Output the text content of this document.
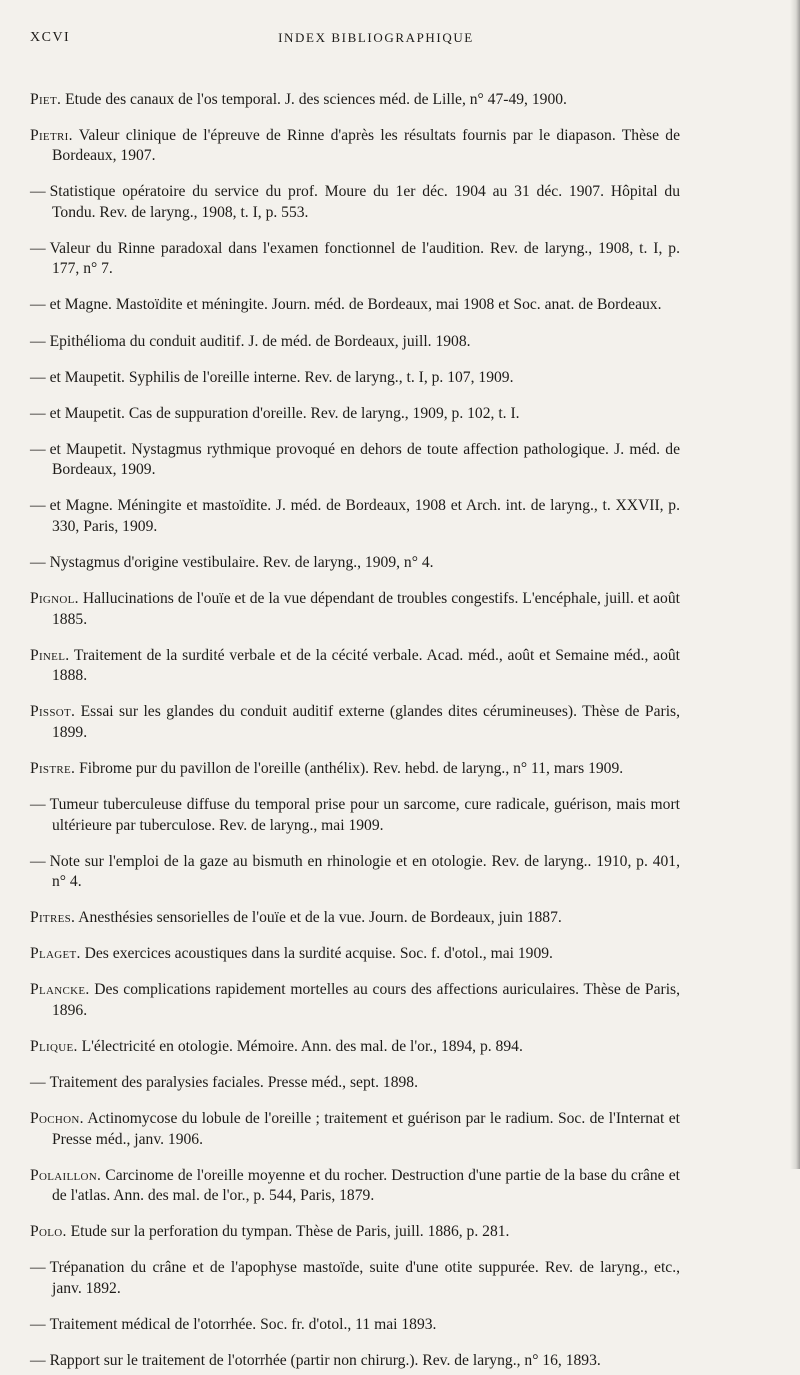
XCVI	INDEX BIBLIOGRAPHIQUE

Piet. Etude des canaux de l'os temporal. J. des sciences méd. de Lille, n° 47-49, 1900.

Pietri. Valeur clinique de l'épreuve de Rinne d'après les résultats fournis par le diapason. Thèse de Bordeaux, 1907.

— Statistique opératoire du service du prof. Moure du 1er déc. 1904 au 31 déc. 1907. Hôpital du Tondu. Rev. de laryng., 1908, t. I, p. 553.

— Valeur du Rinne paradoxal dans l'examen fonctionnel de l'audition. Rev. de laryng., 1908, t. I, p. 177, n° 7.

— et Magne. Mastoïdite et méningite. Journ. méd. de Bordeaux, mai 1908 et Soc. anat. de Bordeaux.

— Epithélioma du conduit auditif. J. de méd. de Bordeaux, juill. 1908.

— et Maupetit. Syphilis de l'oreille interne. Rev. de laryng., t. I, p. 107, 1909.

— et Maupetit. Cas de suppuration d'oreille. Rev. de laryng., 1909, p. 102, t. I.

— et Maupetit. Nystagmus rythmique provoqué en dehors de toute affection pathologique. J. méd. de Bordeaux, 1909.

— et Magne. Méningite et mastoïdite. J. méd. de Bordeaux, 1908 et Arch. int. de laryng., t. XXVII, p. 330, Paris, 1909.

— Nystagmus d'origine vestibulaire. Rev. de laryng., 1909, n° 4.

Pignol. Hallucinations de l'ouïe et de la vue dépendant de troubles congestifs. L'encéphale, juill. et août 1885.

Pinel. Traitement de la surdité verbale et de la cécité verbale. Acad. méd., août et Semaine méd., août 1888.

Pissot. Essai sur les glandes du conduit auditif externe (glandes dites cérumineuses). Thèse de Paris, 1899.

Pistre. Fibrome pur du pavillon de l'oreille (anthélix). Rev. hebd. de laryng., n° 11, mars 1909.

— Tumeur tuberculeuse diffuse du temporal prise pour un sarcome, cure radicale, guérison, mais mort ultérieure par tuberculose. Rev. de laryng., mai 1909.

— Note sur l'emploi de la gaze au bismuth en rhinologie et en otologie. Rev. de laryng.. 1910, p. 401, n° 4.

Pitres. Anesthésies sensorielles de l'ouïe et de la vue. Journ. de Bordeaux, juin 1887.

Plaget. Des exercices acoustiques dans la surdité acquise. Soc. f. d'otol., mai 1909.

Plancke. Des complications rapidement mortelles au cours des affections auriculaires. Thèse de Paris, 1896.

Plique. L'électricité en otologie. Mémoire. Ann. des mal. de l'or., 1894, p. 894.

— Traitement des paralysies faciales. Presse méd., sept. 1898.

Pochon. Actinomycose du lobule de l'oreille ; traitement et guérison par le radium. Soc. de l'Internat et Presse méd., janv. 1906.

Polaillon. Carcinome de l'oreille moyenne et du rocher. Destruction d'une partie de la base du crâne et de l'atlas. Ann. des mal. de l'or., p. 544, Paris, 1879.

Polo. Etude sur la perforation du tympan. Thèse de Paris, juill. 1886, p. 281.

— Trépanation du crâne et de l'apophyse mastoïde, suite d'une otite suppurée. Rev. de laryng., etc., janv. 1892.

— Traitement médical de l'otorrhée. Soc. fr. d'otol., 11 mai 1893.

— Rapport sur le traitement de l'otorrhée (partir non chirurg.). Rev. de laryng., n° 16, 1893.
